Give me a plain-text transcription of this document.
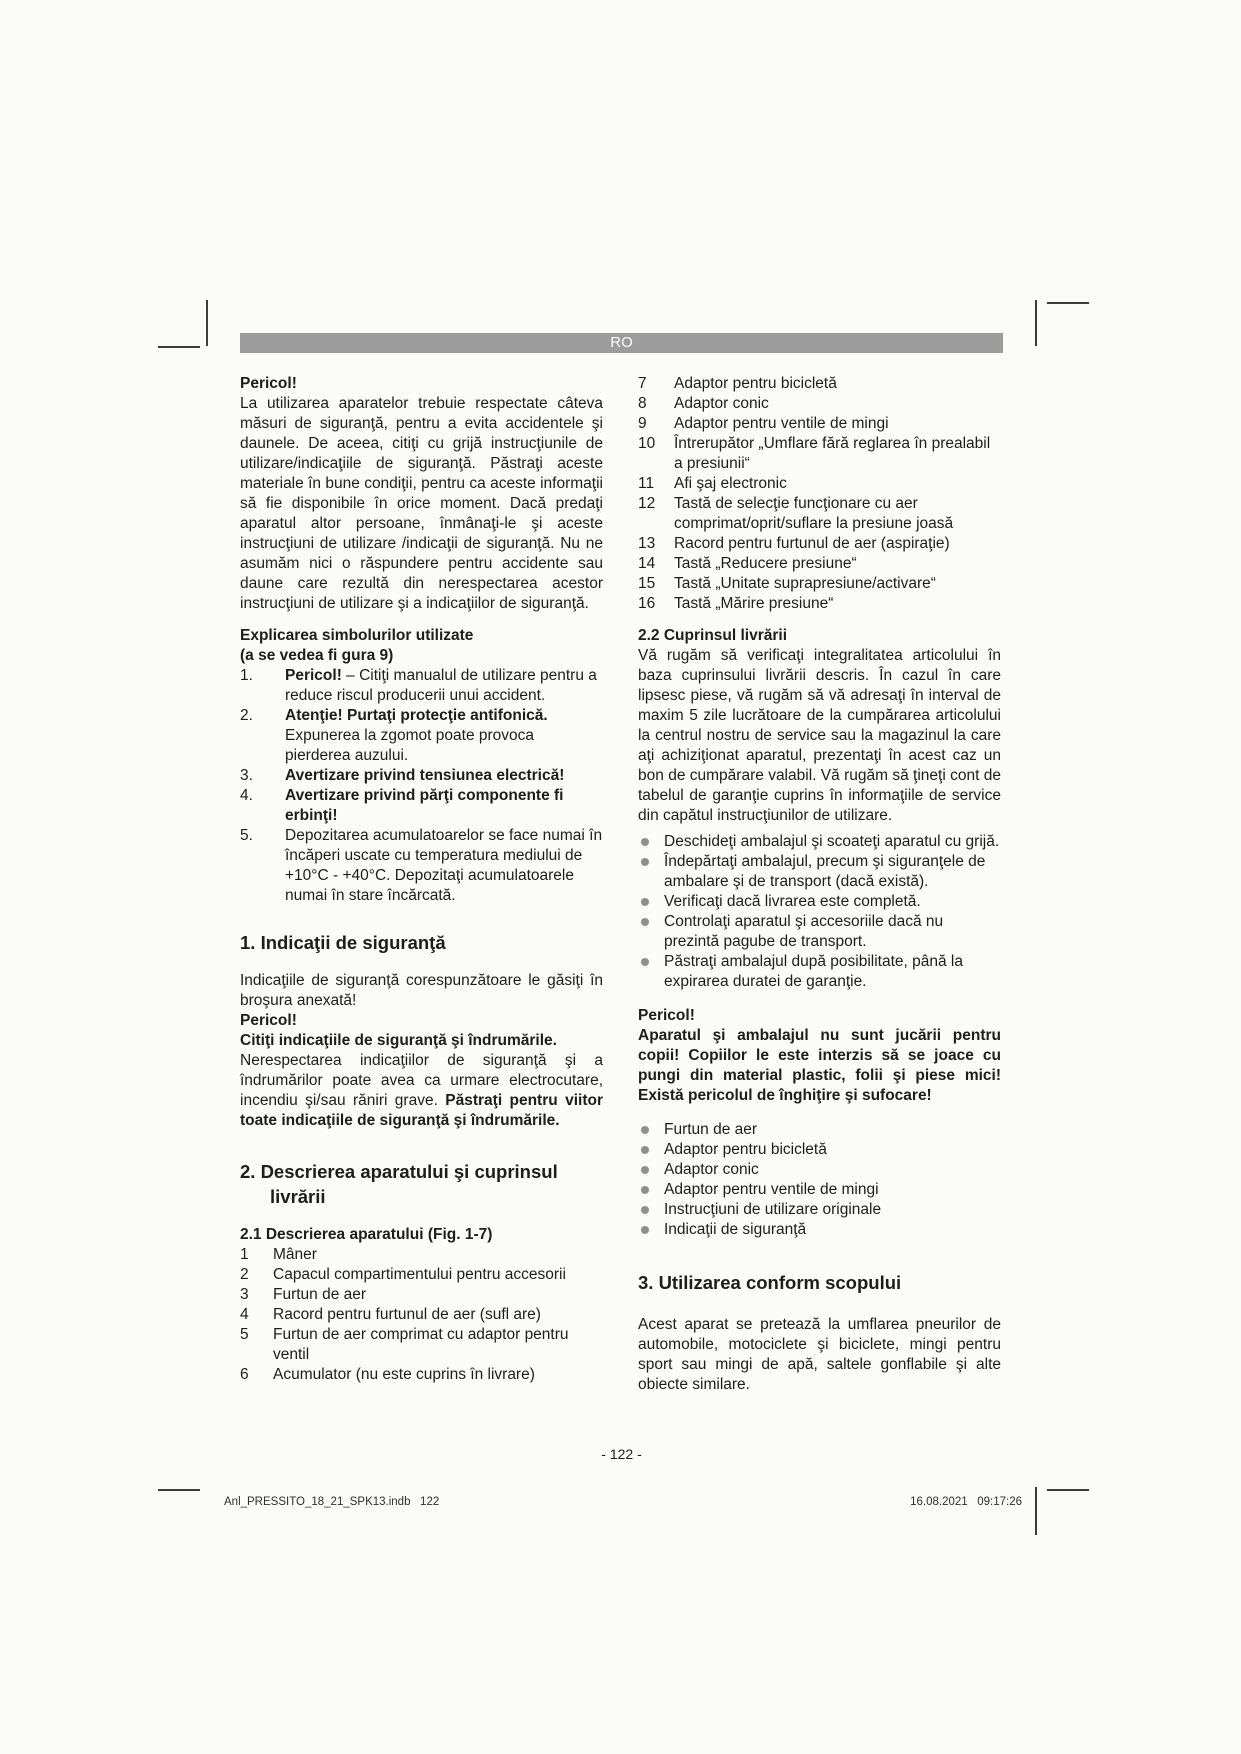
RO

Pericol!

La utilizarea aparatelor trebuie respectate câteva măsuri de siguranţă, pentru a evita accidentele şi daunele. De aceea, citiţi cu grijă instrucţiunile de utilizare/indicaţiile de siguranţă. Păstraţi aceste materiale în bune condiţii, pentru ca aceste informaţii să fie disponibile în orice moment. Dacă predaţi aparatul altor persoane, înmânaţi-le şi aceste instrucţiuni de utilizare /indicaţii de siguranţă. Nu ne asumăm nici o răspundere pentru accidente sau daune care rezultă din nerespectarea acestor instrucţiuni de utilizare şi a indicaţiilor de siguranţă.

Explicarea simbolurilor utilizate
(a se vedea fi gura 9)
1.	Pericol! – Citiţi manualul de utilizare pentru a reduce riscul producerii unui accident.
2.	Atenţie! Purtaţi protecţie antifonică. Expunerea la zgomot poate provoca pierderea auzului.
3.	Avertizare privind tensiunea electrică!
4.	Avertizare privind părţi componente fi erbinţi!
5.	Depozitarea acumulatoarelor se face numai în încăperi uscate cu temperatura mediului de +10°C - +40°C. Depozitaţi acumulatoarele numai în stare încărcată.
1. Indicaţii de siguranţă

Indicaţiile de siguranţă corespunzătoare le găsiţi în broşura anexată!
Pericol!
Citiţi indicaţiile de siguranţă şi îndrumările.
Nerespectarea indicaţiilor de siguranţă şi a îndrumărilor poate avea ca urmare electrocutare, incendiu şi/sau răniri grave. Păstraţi pentru viitor toate indicaţiile de siguranţă şi îndrumările.

2. Descrierea aparatului şi cuprinsul
livrării

2.1 Descrierea aparatului (Fig. 1-7)

1	Mâner
2	Capacul compartimentului pentru accesorii
3	Furtun de aer
4	Racord pentru furtunul de aer (sufl are)
5	Furtun de aer comprimat cu adaptor pentru ventil
6	Acumulator (nu este cuprins în livrare)
7	Adaptor pentru bicicletă
8	Adaptor conic
9	Adaptor pentru ventile de mingi
10	Întrerupător „Umflare fără reglarea în prealabil a presiunii“
11	Afi şaj electronic
12	Tastă de selecţie funcţionare cu aer comprimat/oprit/suflare la presiune joasă
13	Racord pentru furtunul de aer (aspiraţie)
14	Tastă „Reducere presiune“
15	Tastă „Unitate suprapresiune/activare“
16	Tastă „Mărire presiune“

2.2 Cuprinsul livrării

Vă rugăm să verificaţi integralitatea articolului în baza cuprinsului livrării descris. În cazul în care lipsesc piese, vă rugăm să vă adresaţi în interval de maxim 5 zile lucrătoare de la cumpărarea articolului la centrul nostru de service sau la magazinul la care aţi achiziţionat aparatul, prezentaţi în acest caz un bon de cumpărare valabil. Vă rugăm să ţineţi cont de tabelul de garanţie cuprins în informaţiile de service din capătul instrucţiunilor de utilizare.

Deschideţi ambalajul şi scoateţi aparatul cu grijă.
Îndepărtaţi ambalajul, precum şi siguranţele de ambalare şi de transport (dacă există).
Verificaţi dacă livrarea este completă.
Controlaţi aparatul şi accesoriile dacă nu prezintă pagube de transport.
Păstraţi ambalajul după posibilitate, până la expirarea duratei de garanţie.

Pericol!

Aparatul şi ambalajul nu sunt jucării pentru copii! Copiilor le este interzis să se joace cu pungi din material plastic, folii şi piese mici! Există pericolul de înghiţire şi sufocare!

Furtun de aer
Adaptor pentru bicicletă
Adaptor conic
Adaptor pentru ventile de mingi
Instrucţiuni de utilizare originale
Indicaţii de siguranţă
3. Utilizarea conform scopului

Acest aparat se pretează la umflarea pneurilor de automobile, motociclete şi biciclete, mingi pentru sport sau mingi de apă, saltele gonflabile şi alte obiecte similare.

- 122 -
Anl_PRESSITO_18_21_SPK13.indb   122	16.08.2021   09:17:26
